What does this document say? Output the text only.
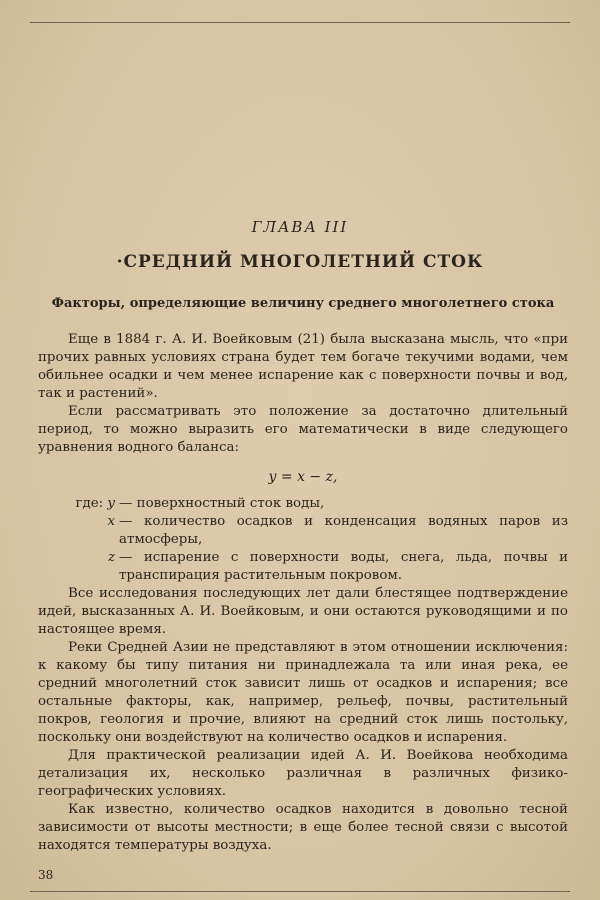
ГЛАВА III
·СРЕДНИЙ МНОГОЛЕТНИЙ СТОК
Факторы, определяющие величину среднего многолетнего стока

Еще в 1884 г. А. И. Воейковым (21) была высказана мысль, что «при прочих равных условиях страна будет тем богаче текучими водами, чем обильнее осадки и чем менее испарение как с поверхности почвы и вод, так и растений».

Если рассматривать это положение за достаточно длительный период, то можно выразить его математически в виде следующего уравнения водного баланса:

y = x − z,
где: y — поверхностный сток воды,
x — количество осадков и конденсация водяных паров из атмосферы,
z — испарение с поверхности воды, снега, льда, почвы и транспирация растительным покровом.

Все исследования последующих лет дали блестящее подтверждение идей, высказанных А. И. Воейковым, и они остаются руководящими и по настоящее время.

Реки Средней Азии не представляют в этом отношении исключения: к какому бы типу питания ни принадлежала та или иная река, ее средний многолетний сток зависит лишь от осадков и испарения; все остальные факторы, как, например, рельеф, почвы, растительный покров, геология и прочие, влияют на средний сток лишь постольку, поскольку они воздействуют на количество осадков и испарения.

Для практической реализации идей А. И. Воейкова необходима детализация их, несколько различная в различных физико-географических условиях.

Как известно, количество осадков находится в довольно тесной зависимости от высоты местности; в еще более тесной связи с высотой находятся температуры воздуха.

38
